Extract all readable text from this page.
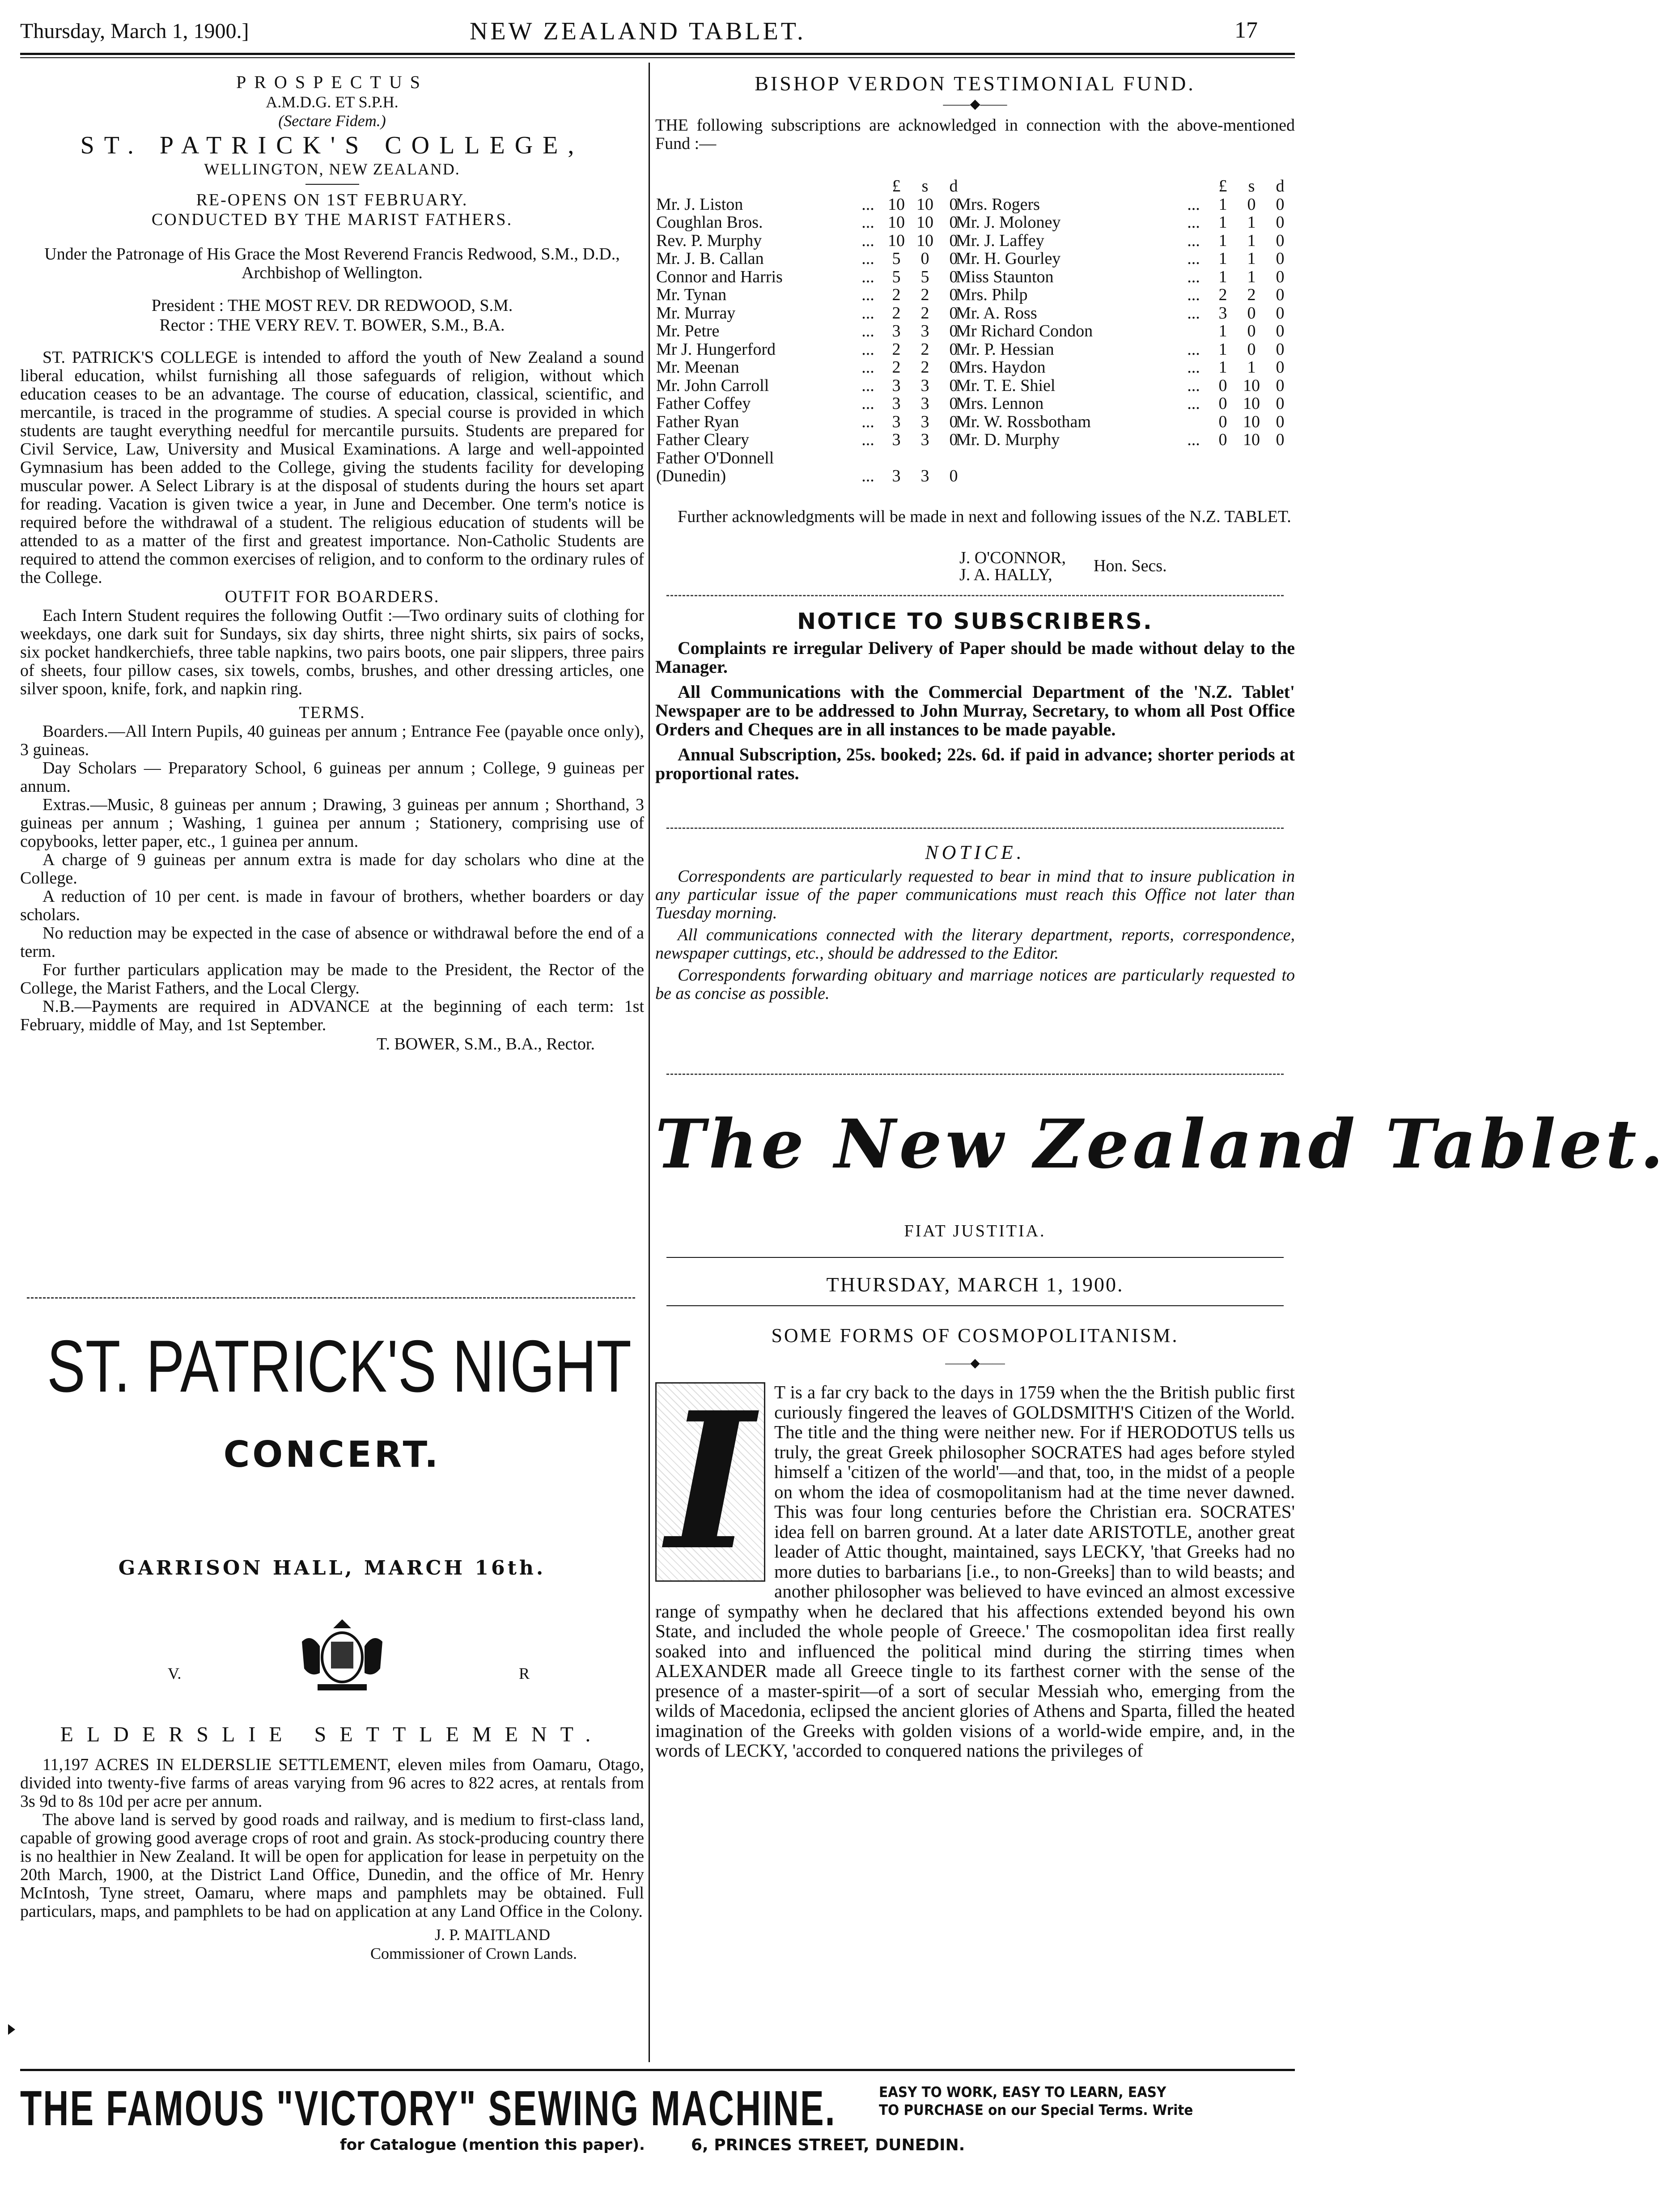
Thursday, March 1, 1900.]	NEW ZEALAND TABLET.	17
PROSPECTUS
A.M.D.G. ET S.P.H.
(Sectare Fidem.)
ST. PATRICK'S COLLEGE,
WELLINGTON, NEW ZEALAND.
RE-OPENS ON 1ST FEBRUARY.
CONDUCTED BY THE MARIST FATHERS.
Under the Patronage of His Grace the Most Reverend Francis Redwood, S.M., D.D., Archbishop of Wellington.
President : THE MOST REV. DR REDWOOD, S.M.
Rector : THE VERY REV. T. BOWER, S.M., B.A.

ST. PATRICK'S COLLEGE is intended to afford the youth of New Zealand a sound liberal education, whilst furnishing all those safeguards of religion, without which education ceases to be an advantage. The course of education, classical, scientific, and mercantile, is traced in the programme of studies. A special course is provided in which students are taught everything needful for mercantile pursuits. Students are prepared for Civil Service, Law, University and Musical Examinations. A large and well-appointed Gymnasium has been added to the College, giving the students facility for developing muscular power. A Select Library is at the disposal of students during the hours set apart for reading. Vacation is given twice a year, in June and December. One term's notice is required before the withdrawal of a student. The religious education of students will be attended to as a matter of the first and greatest importance. Non-Catholic Students are required to attend the common exercises of religion, and to conform to the ordinary rules of the College.

OUTFIT FOR BOARDERS.

Each Intern Student requires the following Outfit :—Two ordinary suits of clothing for weekdays, one dark suit for Sundays, six day shirts, three night shirts, six pairs of socks, six pocket handkerchiefs, three table napkins, two pairs boots, one pair slippers, three pairs of sheets, four pillow cases, six towels, combs, brushes, and other dressing articles, one silver spoon, knife, fork, and napkin ring.

TERMS.

Boarders.—All Intern Pupils, 40 guineas per annum ; Entrance Fee (payable once only), 3 guineas.

Day Scholars — Preparatory School, 6 guineas per annum ; College, 9 guineas per annum.

Extras.—Music, 8 guineas per annum ; Drawing, 3 guineas per annum ; Shorthand, 3 guineas per annum ; Washing, 1 guinea per annum ; Stationery, comprising use of copybooks, letter paper, etc., 1 guinea per annum.

A charge of 9 guineas per annum extra is made for day scholars who dine at the College.

A reduction of 10 per cent. is made in favour of brothers, whether boarders or day scholars.

No reduction may be expected in the case of absence or withdrawal before the end of a term.

For further particulars application may be made to the President, the Rector of the College, the Marist Fathers, and the Local Clergy.

N.B.—Payments are required in ADVANCE at the beginning of each term: 1st February, middle of May, and 1st September.

T. BOWER, S.M., B.A., Rector.
ST. PATRICK'S NIGHT
CONCERT.
GARRISON HALL, MARCH 16th.
V.	R
ELDERSLIE SETTLEMENT.

11,197 ACRES IN ELDERSLIE SETTLEMENT, eleven miles from Oamaru, Otago, divided into twenty-five farms of areas varying from 96 acres to 822 acres, at rentals from 3s 9d to 8s 10d per acre per annum.

The above land is served by good roads and railway, and is medium to first-class land, capable of growing good average crops of root and grain. As stock-producing country there is no healthier in New Zealand. It will be open for application for lease in perpetuity on the 20th March, 1900, at the District Land Office, Dunedin, and the office of Mr. Henry McIntosh, Tyne street, Oamaru, where maps and pamphlets may be obtained. Full particulars, maps, and pamphlets to be had on application at any Land Office in the Colony.

J. P. MAITLAND
Commissioner of Crown Lands.
BISHOP VERDON TESTIMONIAL FUND.
——◆——

THE following subscriptions are acknowledged in connection with the above-mentioned Fund :—

		£	s	d
Mr. J. Liston	...	10	10	0
Coughlan Bros.	...	10	10	0
Rev. P. Murphy	...	10	10	0
Mr. J. B. Callan	...	5	0	0
Connor and Harris	...	5	5	0
Mr. Tynan	...	2	2	0
Mr. Murray	...	2	2	0
Mr. Petre	...	3	3	0
Mr J. Hungerford	...	2	2	0
Mr. Meenan	...	2	2	0
Mr. John Carroll	...	3	3	0
Father Coffey	...	3	3	0
Father Ryan	...	3	3	0
Father Cleary	...	3	3	0
Father O'Donnell				
(Dunedin)	...	3	3	0
		£	s	d
Mrs. Rogers	...	1	0	0
Mr. J. Moloney	...	1	1	0
Mr. J. Laffey	...	1	1	0
Mr. H. Gourley	...	1	1	0
Miss Staunton	...	1	1	0
Mrs. Philp	...	2	2	0
Mr. A. Ross	...	3	0	0
Mr Richard Condon		1	0	0
Mr. P. Hessian	...	1	0	0
Mrs. Haydon	...	1	1	0
Mr. T. E. Shiel	...	0	10	0
Mrs. Lennon	...	0	10	0
Mr. W. Rossbotham		0	10	0
Mr. D. Murphy	...	0	10	0

Further acknowledgments will be made in next and following issues of the N.Z. TABLET.

J. O'CONNOR,
J. A. HALLY, Hon. Secs.
NOTICE TO SUBSCRIBERS.

Complaints re irregular Delivery of Paper should be made without delay to the Manager.

All Communications with the Commercial Department of the 'N.Z. Tablet' Newspaper are to be addressed to John Murray, Secretary, to whom all Post Office Orders and Cheques are in all instances to be made payable.

Annual Subscription, 25s. booked; 22s. 6d. if paid in advance; shorter periods at proportional rates.

NOTICE.

Correspondents are particularly requested to bear in mind that to insure publication in any particular issue of the paper communications must reach this Office not later than Tuesday morning.

All communications connected with the literary department, reports, correspondence, newspaper cuttings, etc., should be addressed to the Editor.

Correspondents forwarding obituary and marriage notices are particularly requested to be as concise as possible.

The New Zealand Tablet.
FIAT JUSTITIA.
THURSDAY, MARCH 1, 1900.
SOME FORMS OF COSMOPOLITANISM.
——◆——
I	T is a far cry back to the days in 1759 when the the British public first curiously fingered the leaves of GOLDSMITH'S Citizen of the World. The title and the thing were neither new. For if HERODOTUS tells us truly, the great Greek philosopher SOCRATES had ages before styled himself a 'citizen of the world'—and that, too, in the midst of a people on whom the idea of cosmopolitanism had at the time never dawned. This was four long centuries before the Christian era. SOCRATES' idea fell on barren ground. At a later date ARISTOTLE, another great leader of Attic thought, maintained, says LECKY, 'that Greeks had no more duties to barbarians [i.e., to non-Greeks] than to wild beasts; and another philosopher was believed to have evinced an almost excessive range of sympathy when he declared that his affections extended beyond his own State, and included the whole people of Greece.' The cosmopolitan idea first really soaked into and influenced the political mind during the stirring times when ALEXANDER made all Greece tingle to its farthest corner with the sense of the presence of a master-spirit—of a sort of secular Messiah who, emerging from the wilds of Macedonia, eclipsed the ancient glories of Athens and Sparta, filled the heated imagination of the Greeks with golden visions of a world-wide empire, and, in the words of LECKY, 'accorded to conquered nations the privileges of

THE FAMOUS "VICTORY" SEWING MACHINE.	EASY TO WORK, EASY TO LEARN, EASY
TO PURCHASE on our Special Terms. Write
for Catalogue (mention this paper).	6, PRINCES STREET, DUNEDIN.
